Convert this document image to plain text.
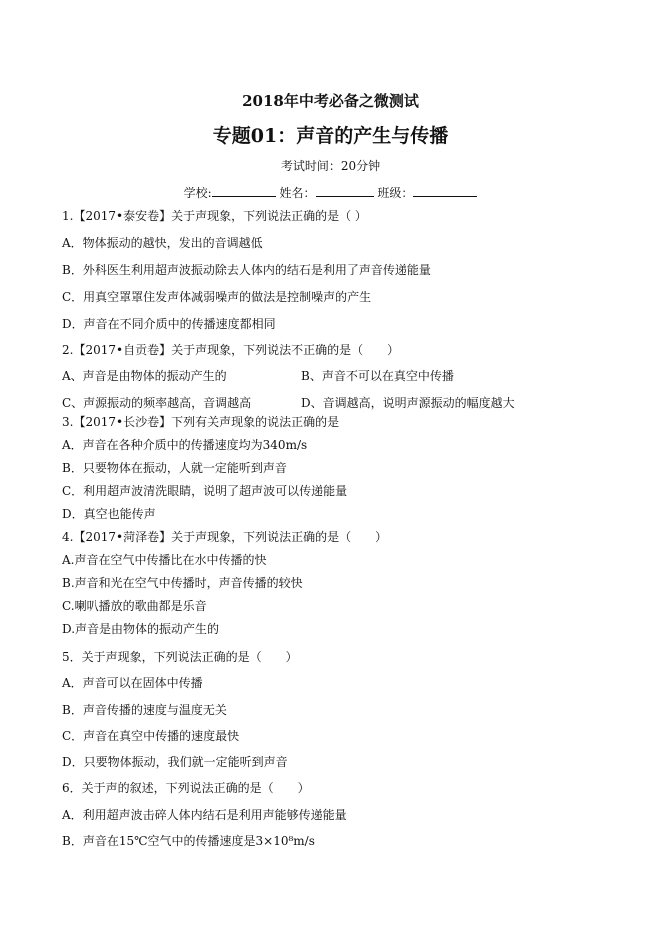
2018年中考必备之微测试
专题01：声音的产生与传播
考试时间：20分钟
学校:	姓名：	班级：
1.【2017•泰安卷】关于声现象，下列说法正确的是（ ）
A．物体振动的越快，发出的音调越低
B．外科医生利用超声波振动除去人体内的结石是利用了声音传递能量
C．用真空罩罩住发声体减弱噪声的做法是控制噪声的产生
D．声音在不同介质中的传播速度都相同
2.【2017•自贡卷】关于声现象，下列说法不正确的是（　　）
A、声音是由物体的振动产生的	B、声音不可以在真空中传播
C、声源振动的频率越高，音调越高	D、音调越高，说明声源振动的幅度越大
3.【2017•长沙卷】下列有关声现象的说法正确的是
A．声音在各种介质中的传播速度均为340m/s
B．只要物体在振动，人就一定能听到声音
C．利用超声波清洗眼睛，说明了超声波可以传递能量
D．真空也能传声
4.【2017•菏泽卷】关于声现象，下列说法正确的是（　　）
A.声音在空气中传播比在水中传播的快
B.声音和光在空气中传播时，声音传播的较快
C.喇叭播放的歌曲都是乐音
D.声音是由物体的振动产生的
5．关于声现象，下列说法正确的是（　　）
A．声音可以在固体中传播
B．声音传播的速度与温度无关
C．声音在真空中传播的速度最快
D．只要物体振动，我们就一定能听到声音
6．关于声的叙述，下列说法正确的是（　　）
A．利用超声波击碎人体内结石是利用声能够传递能量
B．声音在15℃空气中的传播速度是3×10⁸m/s
